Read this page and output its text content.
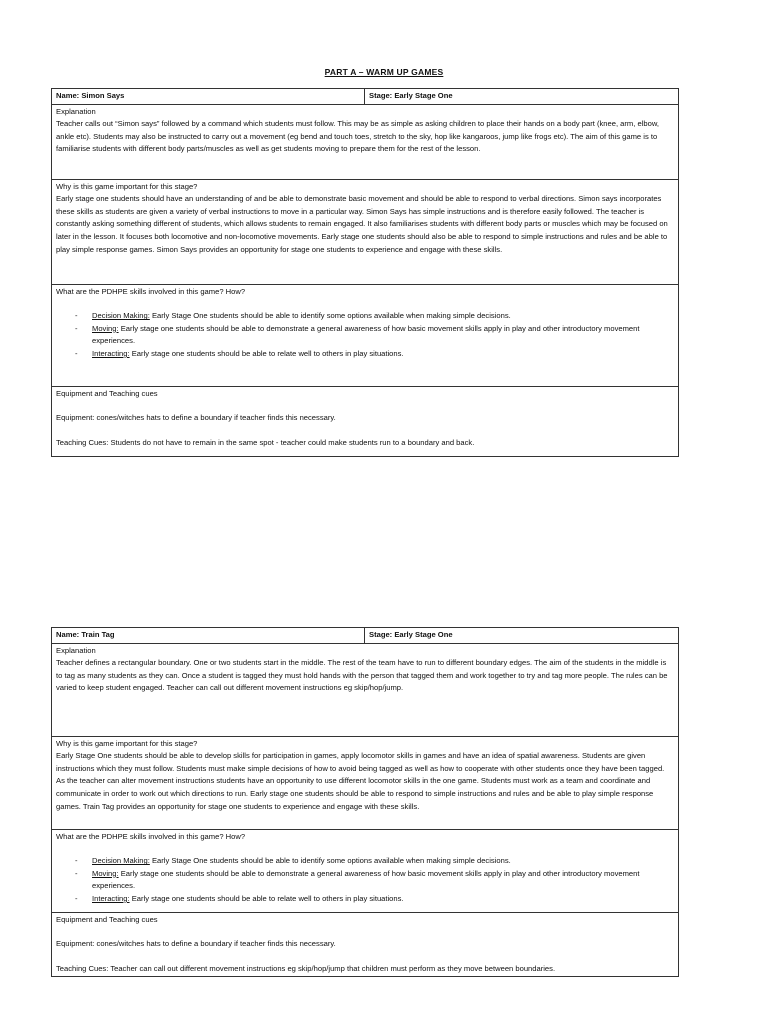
PART A – WARM UP GAMES
Name: Simon Says	Stage: Early Stage One

Explanation
Teacher calls out “Simon says” followed by a command which students must follow. This may be as simple as asking children to place their hands on a body part (knee, arm, elbow, ankle etc). Students may also be instructed to carry out a movement (eg bend and touch toes, stretch to the sky, hop like kangaroos, jump like frogs etc). The aim of this game is to familiarise students with different body parts/muscles as well as get students moving to prepare them for the rest of the lesson.

Why is this game important for this stage?
Early stage one students should have an understanding of and be able to demonstrate basic movement and should be able to respond to verbal directions. Simon says incorporates these skills as students are given a variety of verbal instructions to move in a particular way. Simon Says has simple instructions and is therefore easily followed. The teacher is constantly asking something different of students, which allows students to remain engaged. It also familiarises students with different body parts or muscles which may be focused on later in the lesson. It focuses both locomotive and non-locomotive movements. Early stage one students should also be able to respond to simple instructions and rules and be able to play simple response games. Simon Says provides an opportunity for stage one students to experience and engage with these skills.

What are the PDHPE skills involved in this game? How?
- Decision Making: Early Stage One students should be able to identify some options available when making simple decisions.
- Moving: Early stage one students should be able to demonstrate a general awareness of how basic movement skills apply in play and other introductory movement experiences.
- Interacting: Early stage one students should be able to relate well to others in play situations.

Equipment and Teaching cues
Equipment: cones/witches hats to define a boundary if teacher finds this necessary.
Teaching Cues: Students do not have to remain in the same spot - teacher could make students run to a boundary and back.
Name: Train Tag	Stage: Early Stage One

Explanation
Teacher defines a rectangular boundary. One or two students start in the middle. The rest of the team have to run to different boundary edges. The aim of the students in the middle is to tag as many students as they can. Once a student is tagged they must hold hands with the person that tagged them and work together to try and tag more people. The rules can be varied to keep student engaged. Teacher can call out different movement instructions eg skip/hop/jump.

Why is this game important for this stage?
Early Stage One students should be able to develop skills for participation in games, apply locomotor skills in games and have an idea of spatial awareness. Students are given instructions which they must follow. Students must make simple decisions of how to avoid being tagged as well as how to cooperate with other students once they have been tagged. As the teacher can alter movement instructions students have an opportunity to use different locomotor skills in the one game. Students must work as a team and coordinate and communicate in order to work out which directions to run. Early stage one students should be able to respond to simple instructions and rules and be able to play simple response games. Train Tag provides an opportunity for stage one students to experience and engage with these skills.

What are the PDHPE skills involved in this game? How?
- Decision Making: Early Stage One students should be able to identify some options available when making simple decisions.
- Moving: Early stage one students should be able to demonstrate a general awareness of how basic movement skills apply in play and other introductory movement experiences.
- Interacting: Early stage one students should be able to relate well to others in play situations.

Equipment and Teaching cues
Equipment: cones/witches hats to define a boundary if teacher finds this necessary.
Teaching Cues: Teacher can call out different movement instructions eg skip/hop/jump that children must perform as they move between boundaries.
